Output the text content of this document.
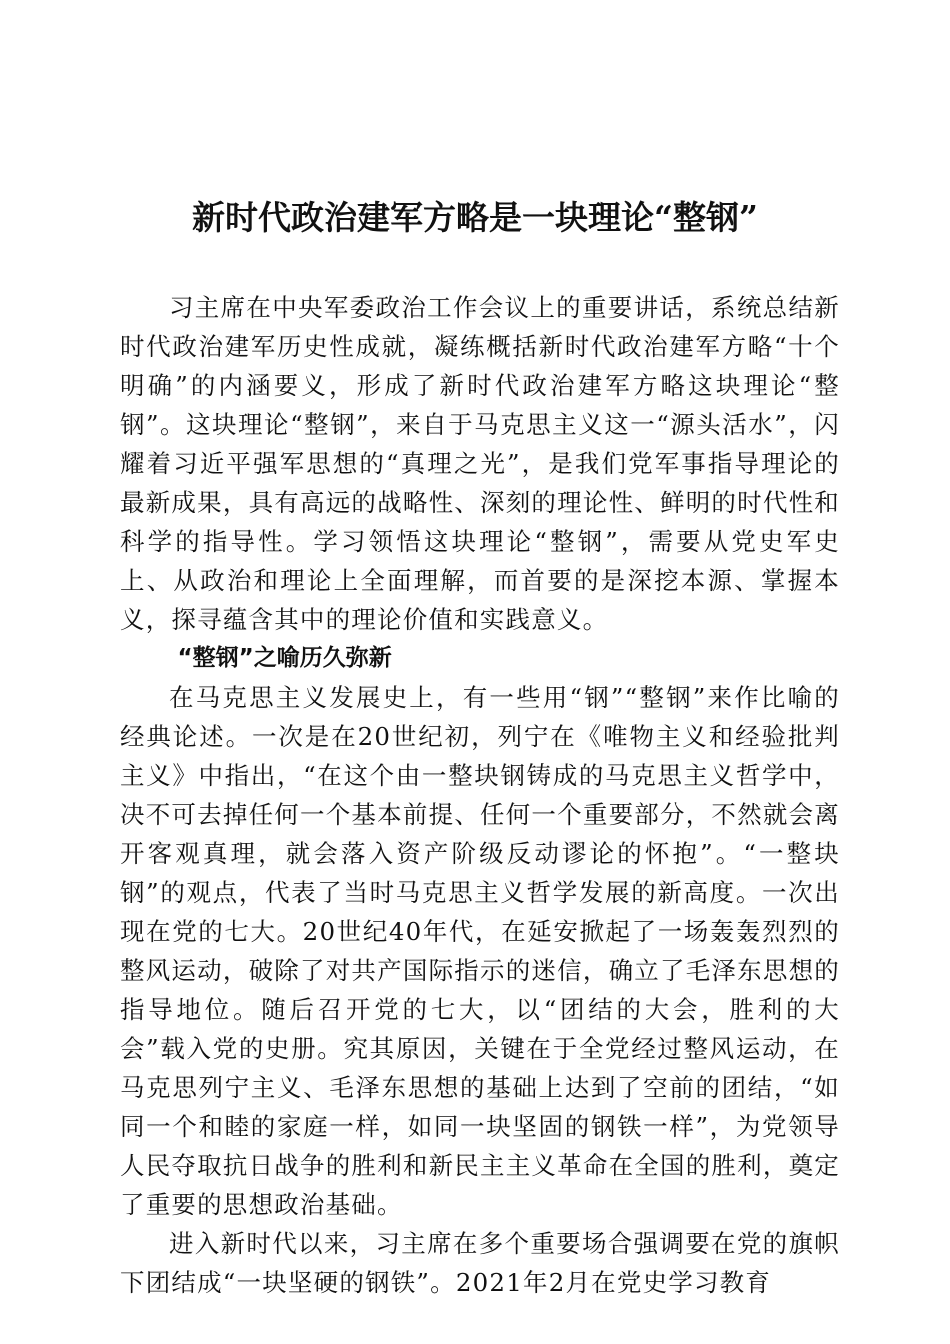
新时代政治建军方略是一块理论“整钢”

习主席在中央军委政治工作会议上的重要讲话，系统总结新时代政治建军历史性成就，凝练概括新时代政治建军方略“十个明确”的内涵要义，形成了新时代政治建军方略这块理论“整钢”。这块理论“整钢”，来自于马克思主义这一“源头活水”，闪耀着习近平强军思想的“真理之光”，是我们党军事指导理论的最新成果，具有高远的战略性、深刻的理论性、鲜明的时代性和科学的指导性。学习领悟这块理论“整钢”，需要从党史军史上、从政治和理论上全面理解，而首要的是深挖本源、掌握本义，探寻蕴含其中的理论价值和实践意义。

“整钢”之喻历久弥新

在马克思主义发展史上，有一些用“钢”“整钢”来作比喻的经典论述。一次是在20世纪初，列宁在《唯物主义和经验批判主义》中指出，“在这个由一整块钢铸成的马克思主义哲学中，决不可去掉任何一个基本前提、任何一个重要部分，不然就会离开客观真理，就会落入资产阶级反动谬论的怀抱”。“一整块钢”的观点，代表了当时马克思主义哲学发展的新高度。一次出现在党的七大。20世纪40年代，在延安掀起了一场轰轰烈烈的整风运动，破除了对共产国际指示的迷信，确立了毛泽东思想的指导地位。随后召开党的七大，以“团结的大会，胜利的大会”载入党的史册。究其原因，关键在于全党经过整风运动，在马克思列宁主义、毛泽东思想的基础上达到了空前的团结，“如同一个和睦的家庭一样，如同一块坚固的钢铁一样”，为党领导人民夺取抗日战争的胜利和新民主主义革命在全国的胜利，奠定了重要的思想政治基础。

进入新时代以来，习主席在多个重要场合强调要在党的旗帜下团结成“一块坚硬的钢铁”。2021年2月在党史学习教育
